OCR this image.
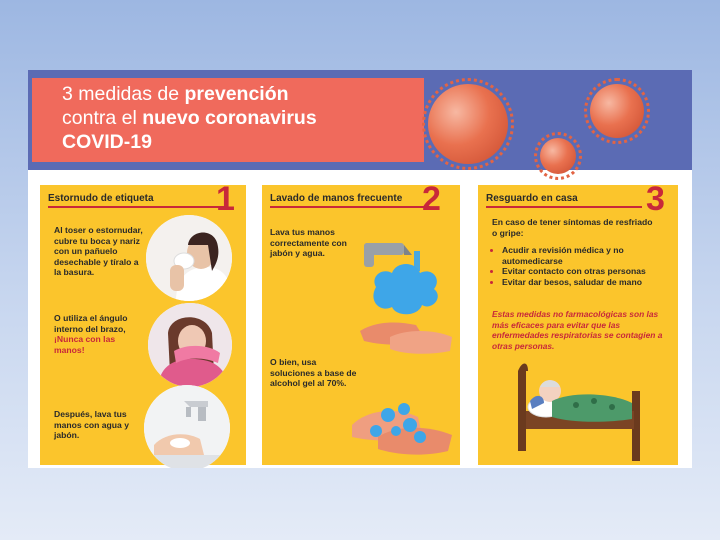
3 medidas de prevención
contra el nuevo coronavirus
COVID-19
Estornudo de etiqueta 1
Al toser o estornudar, cubre tu boca y nariz con un pañuelo desechable y tíralo a la basura.
O utiliza el ángulo interno del brazo,
¡Nunca con las manos!
Después, lava tus manos con agua y jabón.
Lavado de manos frecuente 2
Lava tus manos correctamente con jabón y agua.
O bien, usa soluciones a base de alcohol gel al 70%.
Resguardo en casa 3
En caso de tener síntomas de resfriado o gripe:
• Acudir a revisión médica y no automedicarse
• Evitar contacto con otras personas
• Evitar dar besos, saludar de mano
Estas medidas no farmacológicas son las más eficaces para evitar que las enfermedades respiratorias se contagien a otras personas.
